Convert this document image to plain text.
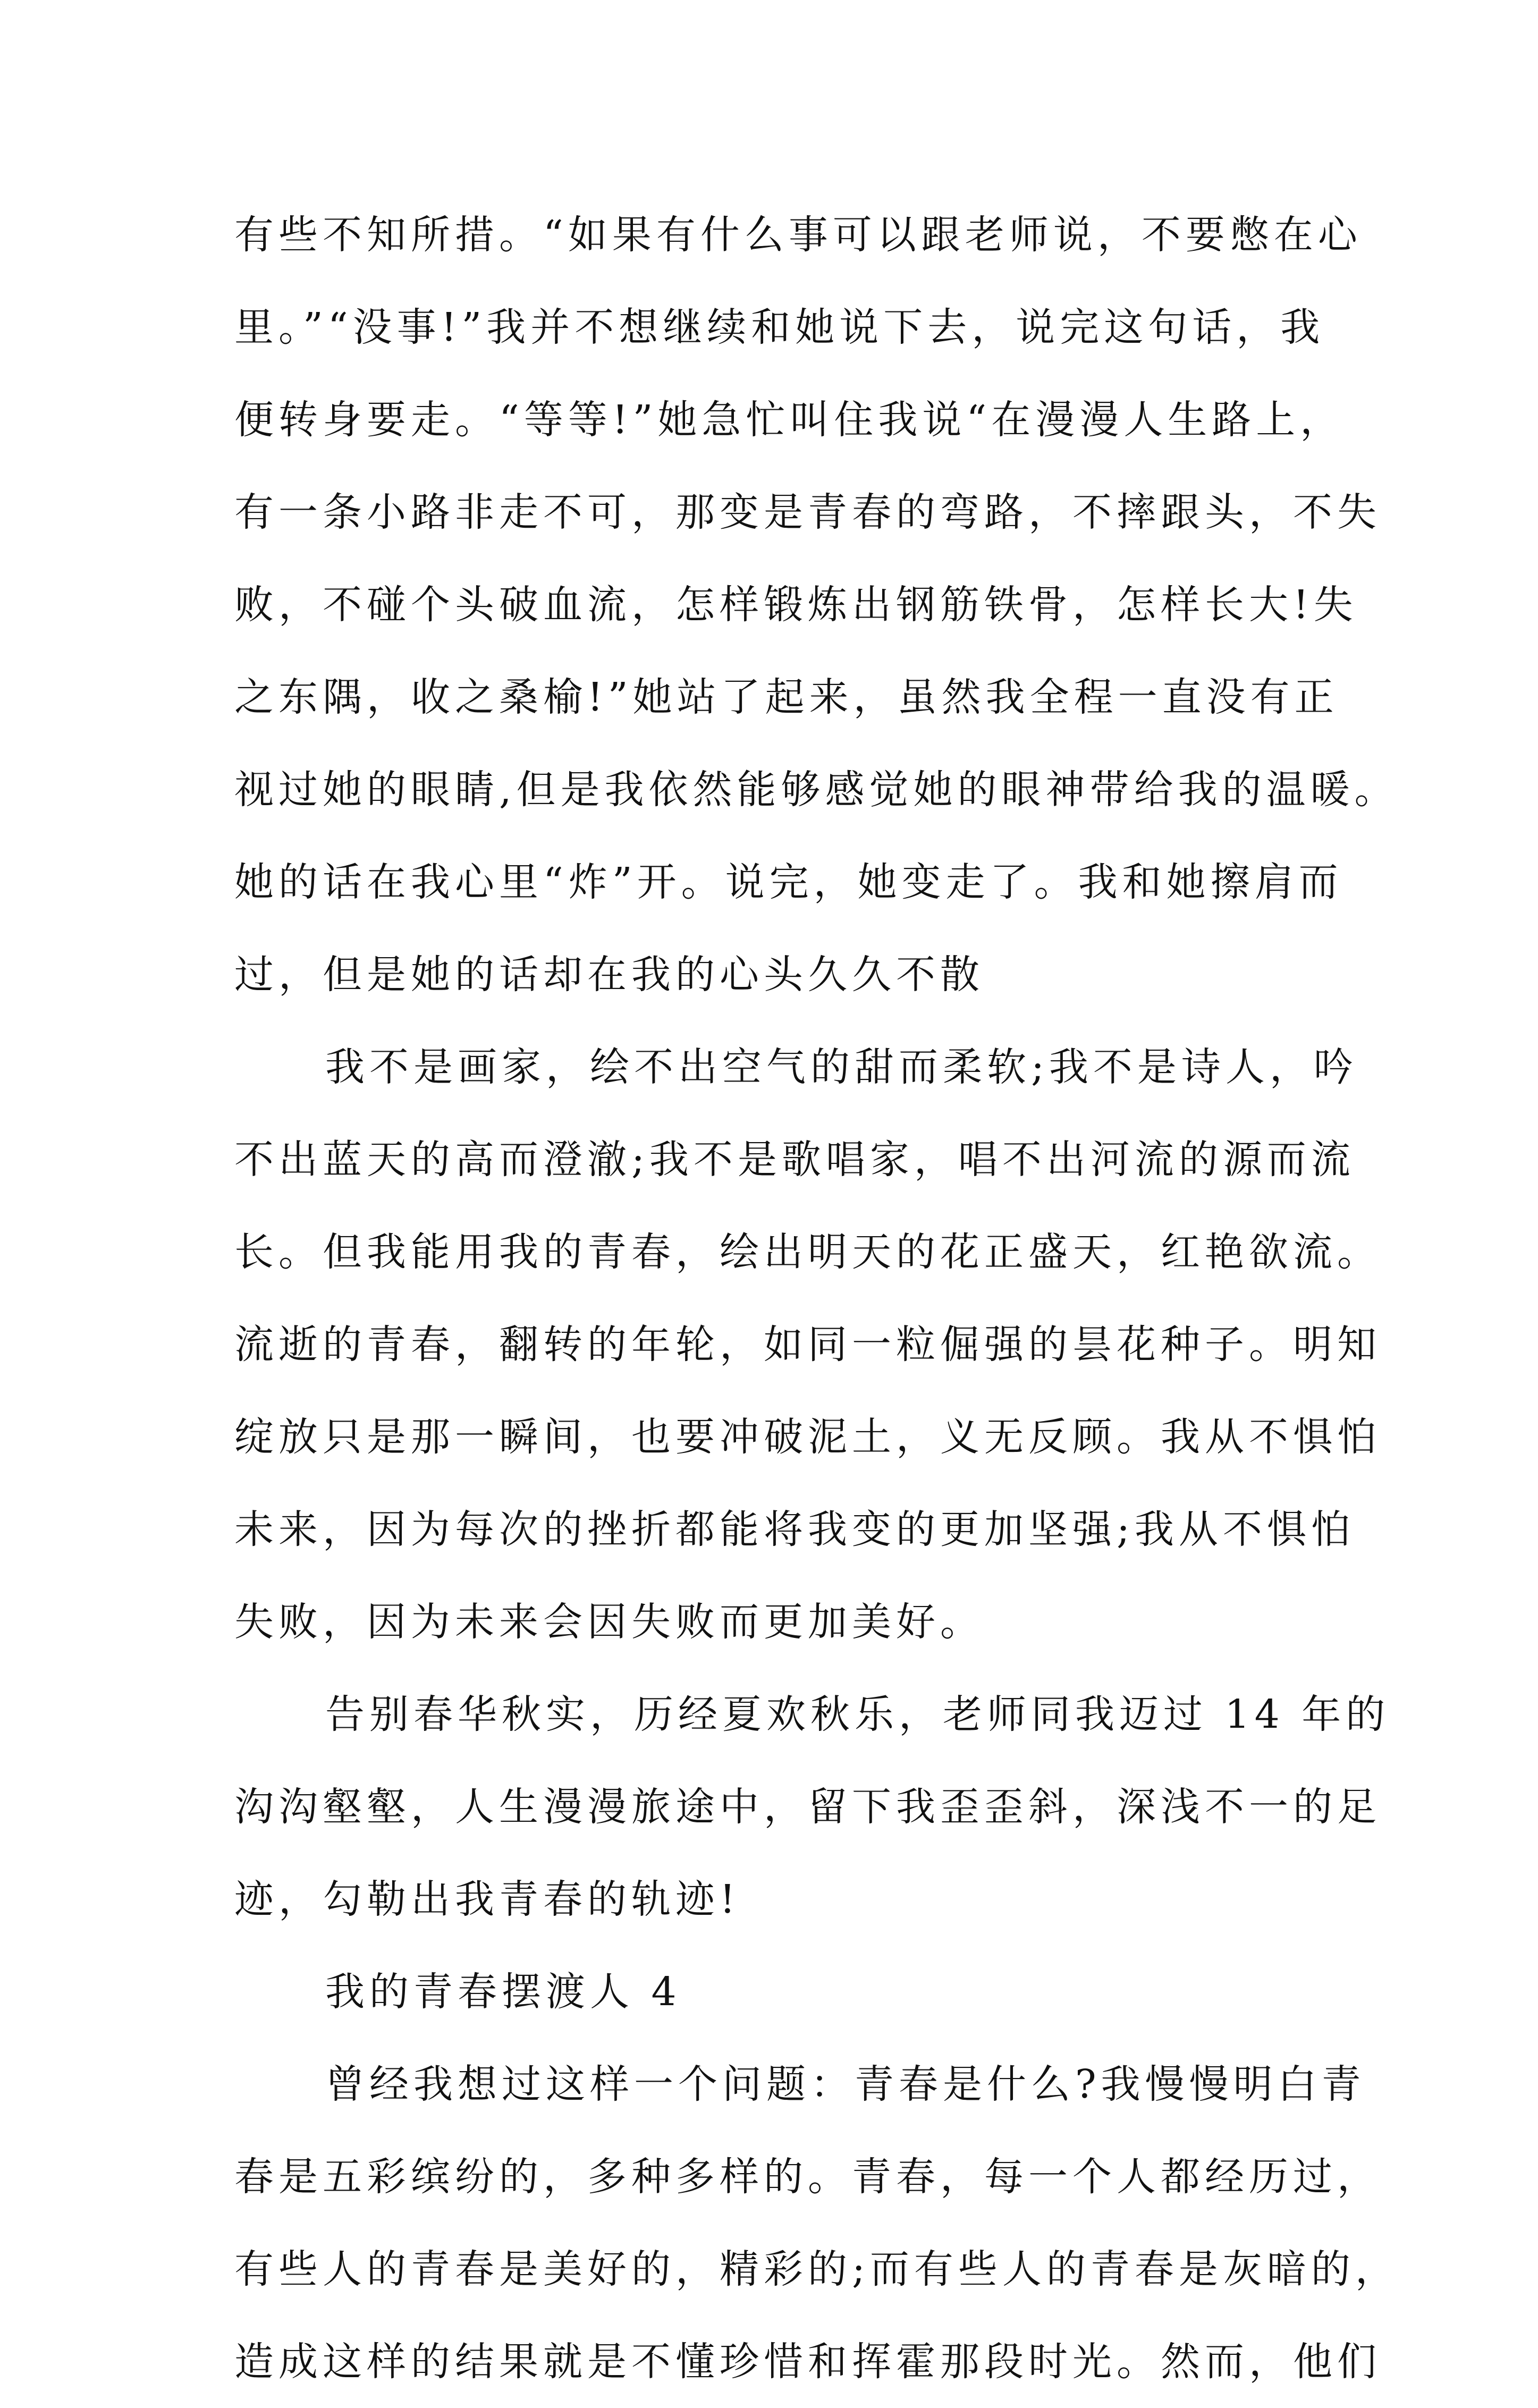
有些不知所措。“如果有什么事可以跟老师说，不要憋在心
里。”“没事!”我并不想继续和她说下去，说完这句话，我
便转身要走。“等等!”她急忙叫住我说“在漫漫人生路上，
有一条小路非走不可，那变是青春的弯路，不摔跟头，不失
败，不碰个头破血流，怎样锻炼出钢筋铁骨，怎样长大!失
之东隅，收之桑榆!”她站了起来，虽然我全程一直没有正
视过她的眼睛,但是我依然能够感觉她的眼神带给我的温暖。
她的话在我心里“炸”开。说完，她变走了。我和她擦肩而
过，但是她的话却在我的心头久久不散
我不是画家，绘不出空气的甜而柔软;我不是诗人，吟
不出蓝天的高而澄澈;我不是歌唱家，唱不出河流的源而流
长。但我能用我的青春，绘出明天的花正盛天，红艳欲流。
流逝的青春，翻转的年轮，如同一粒倔强的昙花种子。明知
绽放只是那一瞬间，也要冲破泥土，义无反顾。我从不惧怕
未来，因为每次的挫折都能将我变的更加坚强;我从不惧怕
失败，因为未来会因失败而更加美好。
告别春华秋实，历经夏欢秋乐，老师同我迈过 14 年的
沟沟壑壑，人生漫漫旅途中，留下我歪歪斜，深浅不一的足
迹，勾勒出我青春的轨迹!
我的青春摆渡人 4
曾经我想过这样一个问题：青春是什么?我慢慢明白青
春是五彩缤纷的，多种多样的。青春，每一个人都经历过，
有些人的青春是美好的，精彩的;而有些人的青春是灰暗的，
造成这样的结果就是不懂珍惜和挥霍那段时光。然而，他们
